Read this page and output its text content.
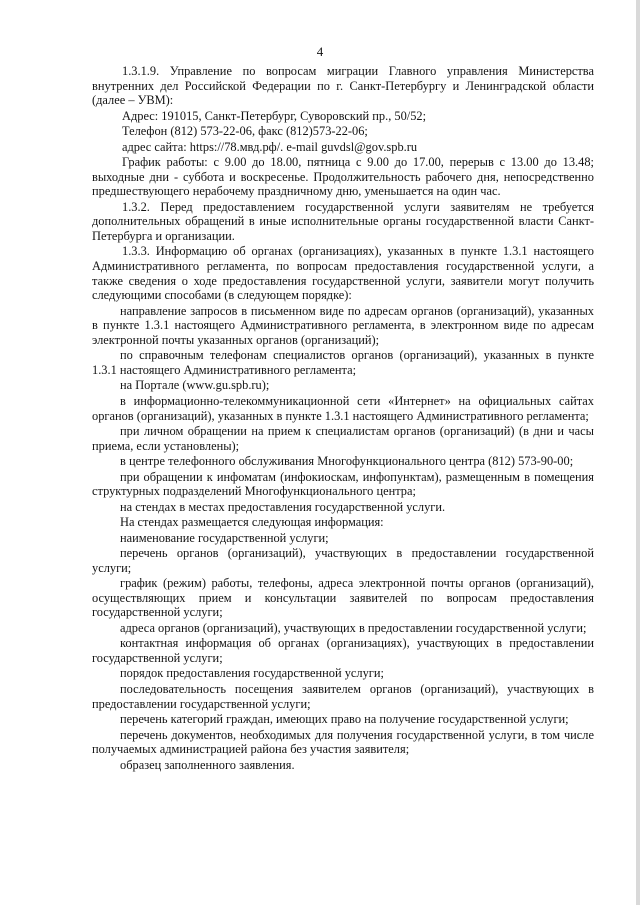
4

1.3.1.9. Управление по вопросам миграции Главного управления Министерства внутренних дел Российской Федерации по г. Санкт-Петербургу и Ленинградской области (далее – УВМ):

Адрес: 191015, Санкт-Петербург, Суворовский пр., 50/52;

Телефон (812) 573-22-06, факс (812)573-22-06;

адрес сайта: https://78.мвд.рф/. e-mail guvdsl@gov.spb.ru

График работы: с 9.00 до 18.00, пятница с 9.00 до 17.00, перерыв с 13.00 до 13.48; выходные дни - суббота и воскресенье. Продолжительность рабочего дня, непосредственно предшествующего нерабочему праздничному дню, уменьшается на один час.

1.3.2. Перед предоставлением государственной услуги заявителям не требуется дополнительных обращений в иные исполнительные органы государственной власти Санкт-Петербурга и организации.

1.3.3. Информацию об органах (организациях), указанных в пункте 1.3.1 настоящего Административного регламента, по вопросам предоставления государственной услуги, а также сведения о ходе предоставления государственной услуги, заявители могут получить следующими способами (в следующем порядке):

направление запросов в письменном виде по адресам органов (организаций), указанных в пункте 1.3.1 настоящего Административного регламента, в электронном виде по адресам электронной почты указанных органов (организаций);

по справочным телефонам специалистов органов (организаций), указанных в пункте 1.3.1 настоящего Административного регламента;

на Портале (www.gu.spb.ru);

в информационно-телекоммуникационной сети «Интернет» на официальных сайтах органов (организаций), указанных в пункте 1.3.1 настоящего Административного регламента;

при личном обращении на прием к специалистам органов (организаций) (в дни и часы приема, если установлены);

в центре телефонного обслуживания Многофункционального центра (812) 573-90-00;

при обращении к инфоматам (инфокиоскам, инфопунктам), размещенным в помещения структурных подразделений Многофункционального центра;

на стендах в местах предоставления государственной услуги.

На стендах размещается следующая информация:

наименование государственной услуги;

перечень органов (организаций), участвующих в предоставлении государственной услуги;

график (режим) работы, телефоны, адреса электронной почты органов (организаций), осуществляющих прием и консультации заявителей по вопросам предоставления государственной услуги;

адреса органов (организаций), участвующих в предоставлении государственной услуги;

контактная информация об органах (организациях), участвующих в предоставлении государственной услуги;

порядок предоставления государственной услуги;

последовательность посещения заявителем органов (организаций), участвующих в предоставлении государственной услуги;

перечень категорий граждан, имеющих право на получение государственной услуги;

перечень документов, необходимых для получения государственной услуги, в том числе получаемых администрацией района без участия заявителя;

образец заполненного заявления.
